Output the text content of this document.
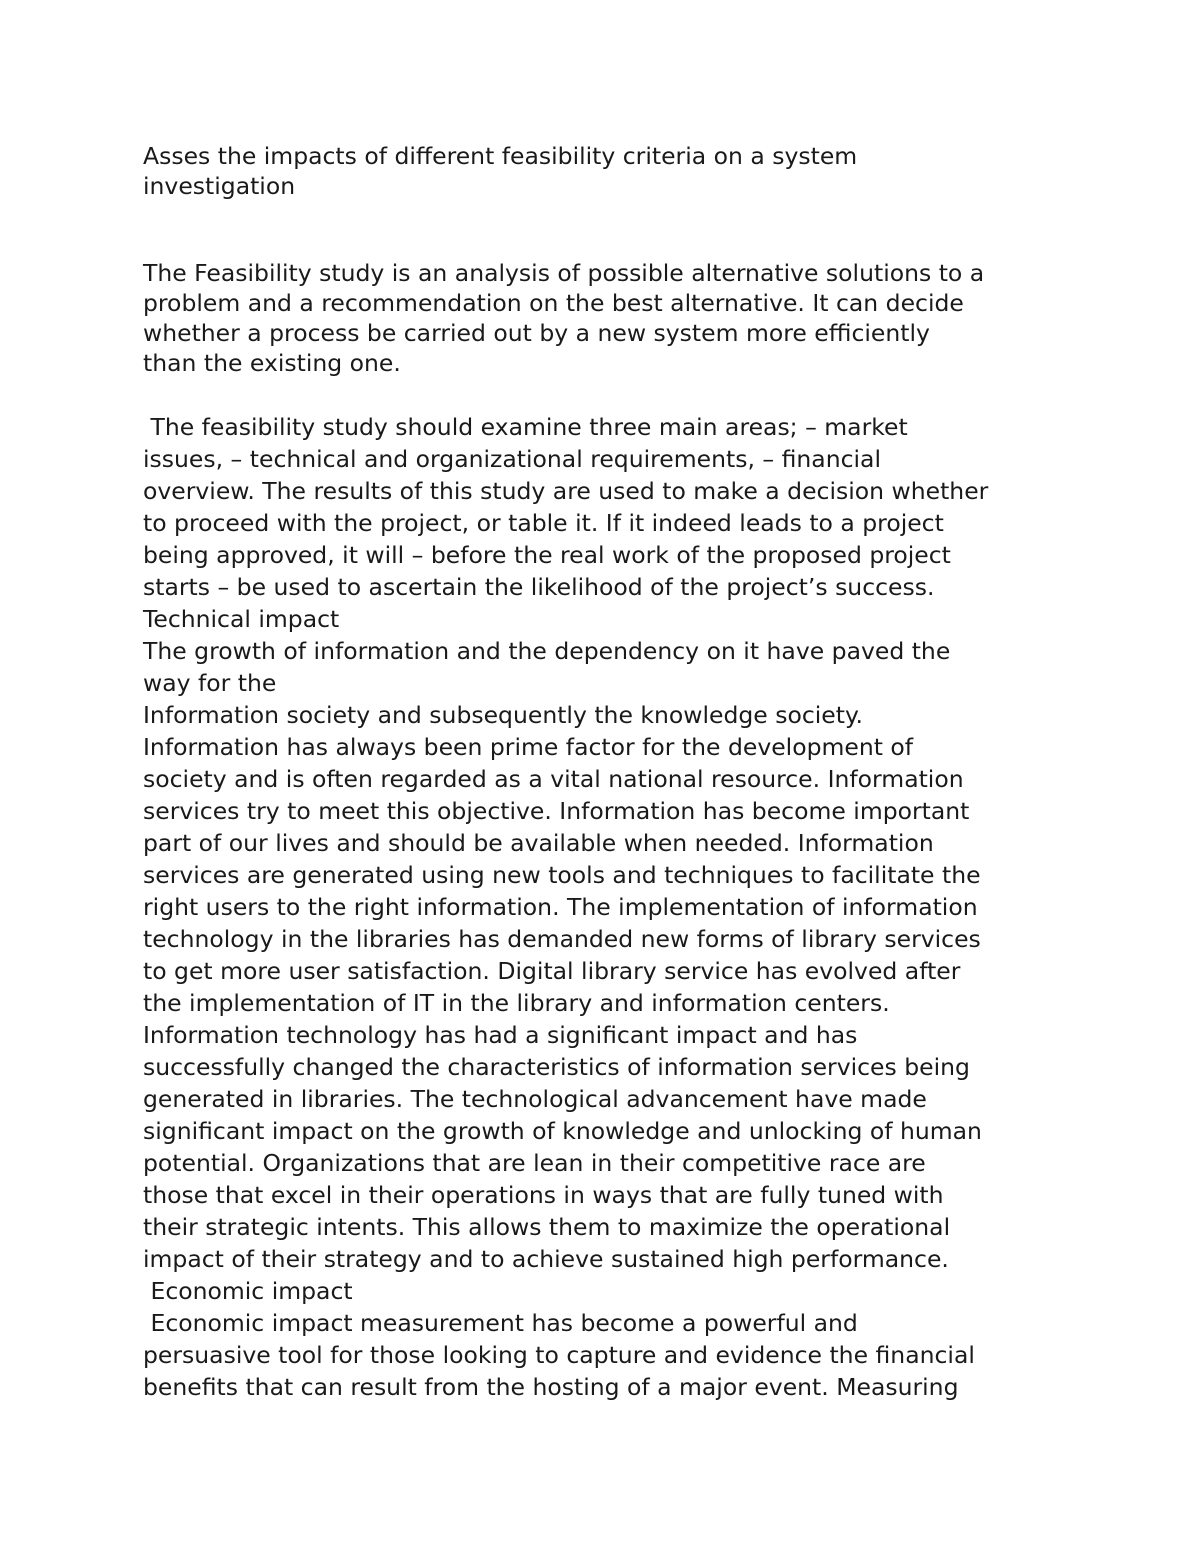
Asses the impacts of different feasibility criteria on a system
investigation
The Feasibility study is an analysis of possible alternative solutions to a
problem and a recommendation on the best alternative. It can decide
whether a process be carried out by a new system more efficiently
than the existing one.
The feasibility study should examine three main areas; – market
issues, – technical and organizational requirements, – financial
overview. The results of this study are used to make a decision whether
to proceed with the project, or table it. If it indeed leads to a project
being approved, it will – before the real work of the proposed project
starts – be used to ascertain the likelihood of the project’s success.
Technical impact
The growth of information and the dependency on it have paved the
way for the
Information society and subsequently the knowledge society.
Information has always been prime factor for the development of
society and is often regarded as a vital national resource. Information
services try to meet this objective. Information has become important
part of our lives and should be available when needed. Information
services are generated using new tools and techniques to facilitate the
right users to the right information. The implementation of information
technology in the libraries has demanded new forms of library services
to get more user satisfaction. Digital library service has evolved after
the implementation of IT in the library and information centers.
Information technology has had a significant impact and has
successfully changed the characteristics of information services being
generated in libraries. The technological advancement have made
significant impact on the growth of knowledge and unlocking of human
potential. Organizations that are lean in their competitive race are
those that excel in their operations in ways that are fully tuned with
their strategic intents. This allows them to maximize the operational
impact of their strategy and to achieve sustained high performance.
Economic impact
Economic impact measurement has become a powerful and
persuasive tool for those looking to capture and evidence the financial
benefits that can result from the hosting of a major event. Measuring
